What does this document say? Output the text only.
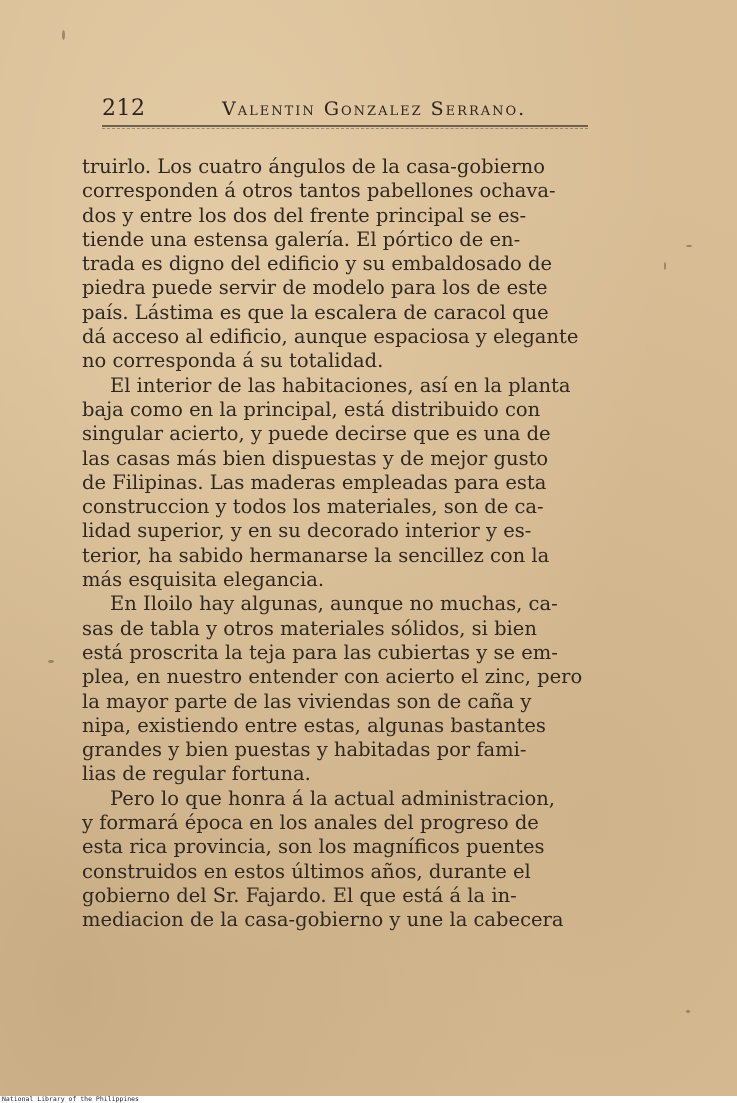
212	Valentin Gonzalez Serrano.
truirlo. Los cuatro ángulos de la casa-gobierno
corresponden á otros tantos pabellones ochava-
dos y entre los dos del frente principal se es-
tiende una estensa galería. El pórtico de en-
trada es digno del edificio y su embaldosado de
piedra puede servir de modelo para los de este
país. Lástima es que la escalera de caracol que
dá acceso al edificio, aunque espaciosa y elegante
no corresponda á su totalidad.
El interior de las habitaciones, así en la planta
baja como en la principal, está distribuido con
singular acierto, y puede decirse que es una de
las casas más bien dispuestas y de mejor gusto
de Filipinas. Las maderas empleadas para esta
construccion y todos los materiales, son de ca-
lidad superior, y en su decorado interior y es-
terior, ha sabido hermanarse la sencillez con la
más esquisita elegancia.
En Iloilo hay algunas, aunque no muchas, ca-
sas de tabla y otros materiales sólidos, si bien
está proscrita la teja para las cubiertas y se em-
plea, en nuestro entender con acierto el zinc, pero
la mayor parte de las viviendas son de caña y
nipa, existiendo entre estas, algunas bastantes
grandes y bien puestas y habitadas por fami-
lias de regular fortuna.
Pero lo que honra á la actual administracion,
y formará época en los anales del progreso de
esta rica provincia, son los magníficos puentes
construidos en estos últimos años, durante el
gobierno del Sr. Fajardo. El que está á la in-
mediacion de la casa-gobierno y une la cabecera
National Library of the Philippines
